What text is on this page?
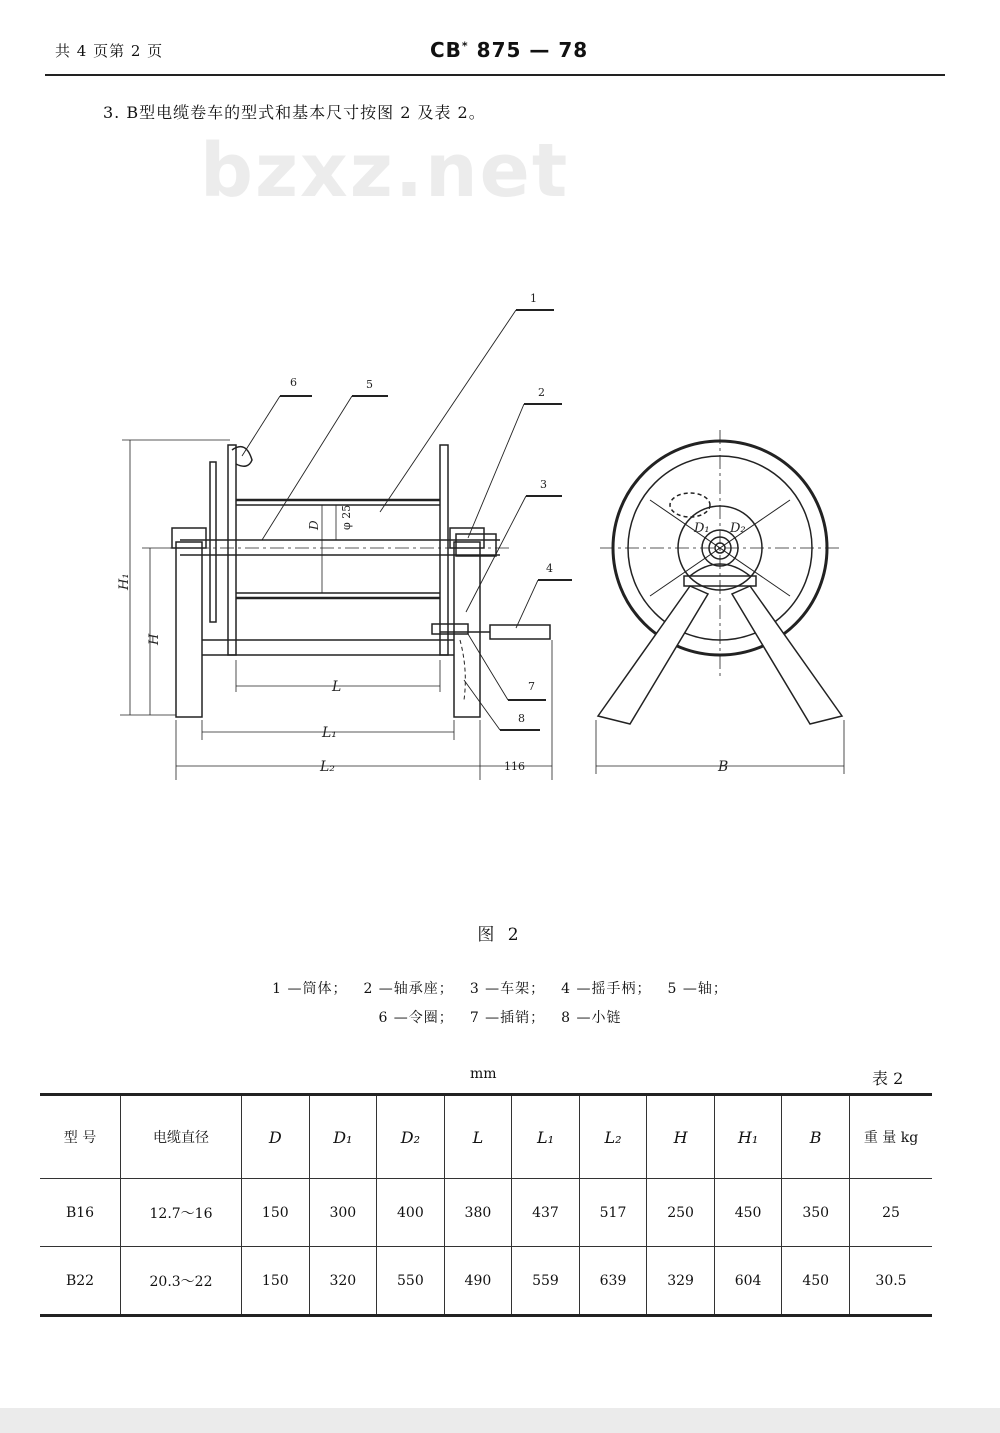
共 4 页第 2 页	CB* 875 — 78
3. B型电缆卷车的型式和基本尺寸按图 2 及表 2。
bzxz.net
D φ 25
H₁
H
L
L₁
L₂	116
1
2
3
4
5
6
7
8
D₁ D₂
B
图 2
1 —筒体； 2 —轴承座； 3 —车架； 4 —摇手柄； 5 —轴；
6 —令圈； 7 —插销； 8 —小链
mm	表 2
型 号	电缆直径	D	D₁	D₂	L	L₁	L₂	H	H₁	B	重 量 kg
B16	12.7～16	150	300	400	380	437	517	250	450	350	25
B22	20.3～22	150	320	550	490	559	639	329	604	450	30.5
